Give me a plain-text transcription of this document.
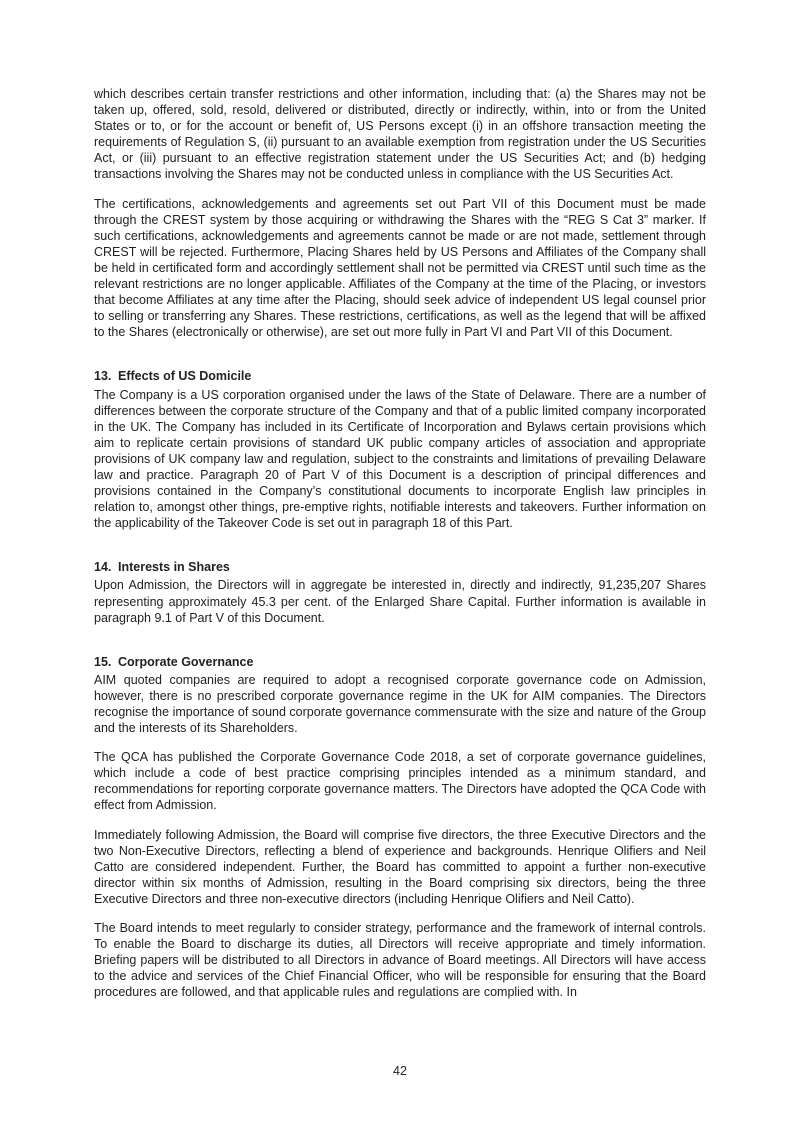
which describes certain transfer restrictions and other information, including that: (a) the Shares may not be taken up, offered, sold, resold, delivered or distributed, directly or indirectly, within, into or from the United States or to, or for the account or benefit of, US Persons except (i) in an offshore transaction meeting the requirements of Regulation S, (ii) pursuant to an available exemption from registration under the US Securities Act, or (iii) pursuant to an effective registration statement under the US Securities Act; and (b) hedging transactions involving the Shares may not be conducted unless in compliance with the US Securities Act.

The certifications, acknowledgements and agreements set out Part VII of this Document must be made through the CREST system by those acquiring or withdrawing the Shares with the “REG S Cat 3” marker. If such certifications, acknowledgements and agreements cannot be made or are not made, settlement through CREST will be rejected. Furthermore, Placing Shares held by US Persons and Affiliates of the Company shall be held in certificated form and accordingly settlement shall not be permitted via CREST until such time as the relevant restrictions are no longer applicable. Affiliates of the Company at the time of the Placing, or investors that become Affiliates at any time after the Placing, should seek advice of independent US legal counsel prior to selling or transferring any Shares. These restrictions, certifications, as well as the legend that will be affixed to the Shares (electronically or otherwise), are set out more fully in Part VI and Part VII of this Document.

13. Effects of US Domicile

The Company is a US corporation organised under the laws of the State of Delaware. There are a number of differences between the corporate structure of the Company and that of a public limited company incorporated in the UK. The Company has included in its Certificate of Incorporation and Bylaws certain provisions which aim to replicate certain provisions of standard UK public company articles of association and appropriate provisions of UK company law and regulation, subject to the constraints and limitations of prevailing Delaware law and practice. Paragraph 20 of Part V of this Document is a description of principal differences and provisions contained in the Company’s constitutional documents to incorporate English law principles in relation to, amongst other things, pre-emptive rights, notifiable interests and takeovers. Further information on the applicability of the Takeover Code is set out in paragraph 18 of this Part.

14. Interests in Shares

Upon Admission, the Directors will in aggregate be interested in, directly and indirectly, 91,235,207 Shares representing approximately 45.3 per cent. of the Enlarged Share Capital. Further information is available in paragraph 9.1 of Part V of this Document.

15. Corporate Governance

AIM quoted companies are required to adopt a recognised corporate governance code on Admission, however, there is no prescribed corporate governance regime in the UK for AIM companies. The Directors recognise the importance of sound corporate governance commensurate with the size and nature of the Group and the interests of its Shareholders.

The QCA has published the Corporate Governance Code 2018, a set of corporate governance guidelines, which include a code of best practice comprising principles intended as a minimum standard, and recommendations for reporting corporate governance matters. The Directors have adopted the QCA Code with effect from Admission.

Immediately following Admission, the Board will comprise five directors, the three Executive Directors and the two Non-Executive Directors, reflecting a blend of experience and backgrounds. Henrique Olifiers and Neil Catto are considered independent. Further, the Board has committed to appoint a further non-executive director within six months of Admission, resulting in the Board comprising six directors, being the three Executive Directors and three non-executive directors (including Henrique Olifiers and Neil Catto).

The Board intends to meet regularly to consider strategy, performance and the framework of internal controls. To enable the Board to discharge its duties, all Directors will receive appropriate and timely information. Briefing papers will be distributed to all Directors in advance of Board meetings. All Directors will have access to the advice and services of the Chief Financial Officer, who will be responsible for ensuring that the Board procedures are followed, and that applicable rules and regulations are complied with. In

42
